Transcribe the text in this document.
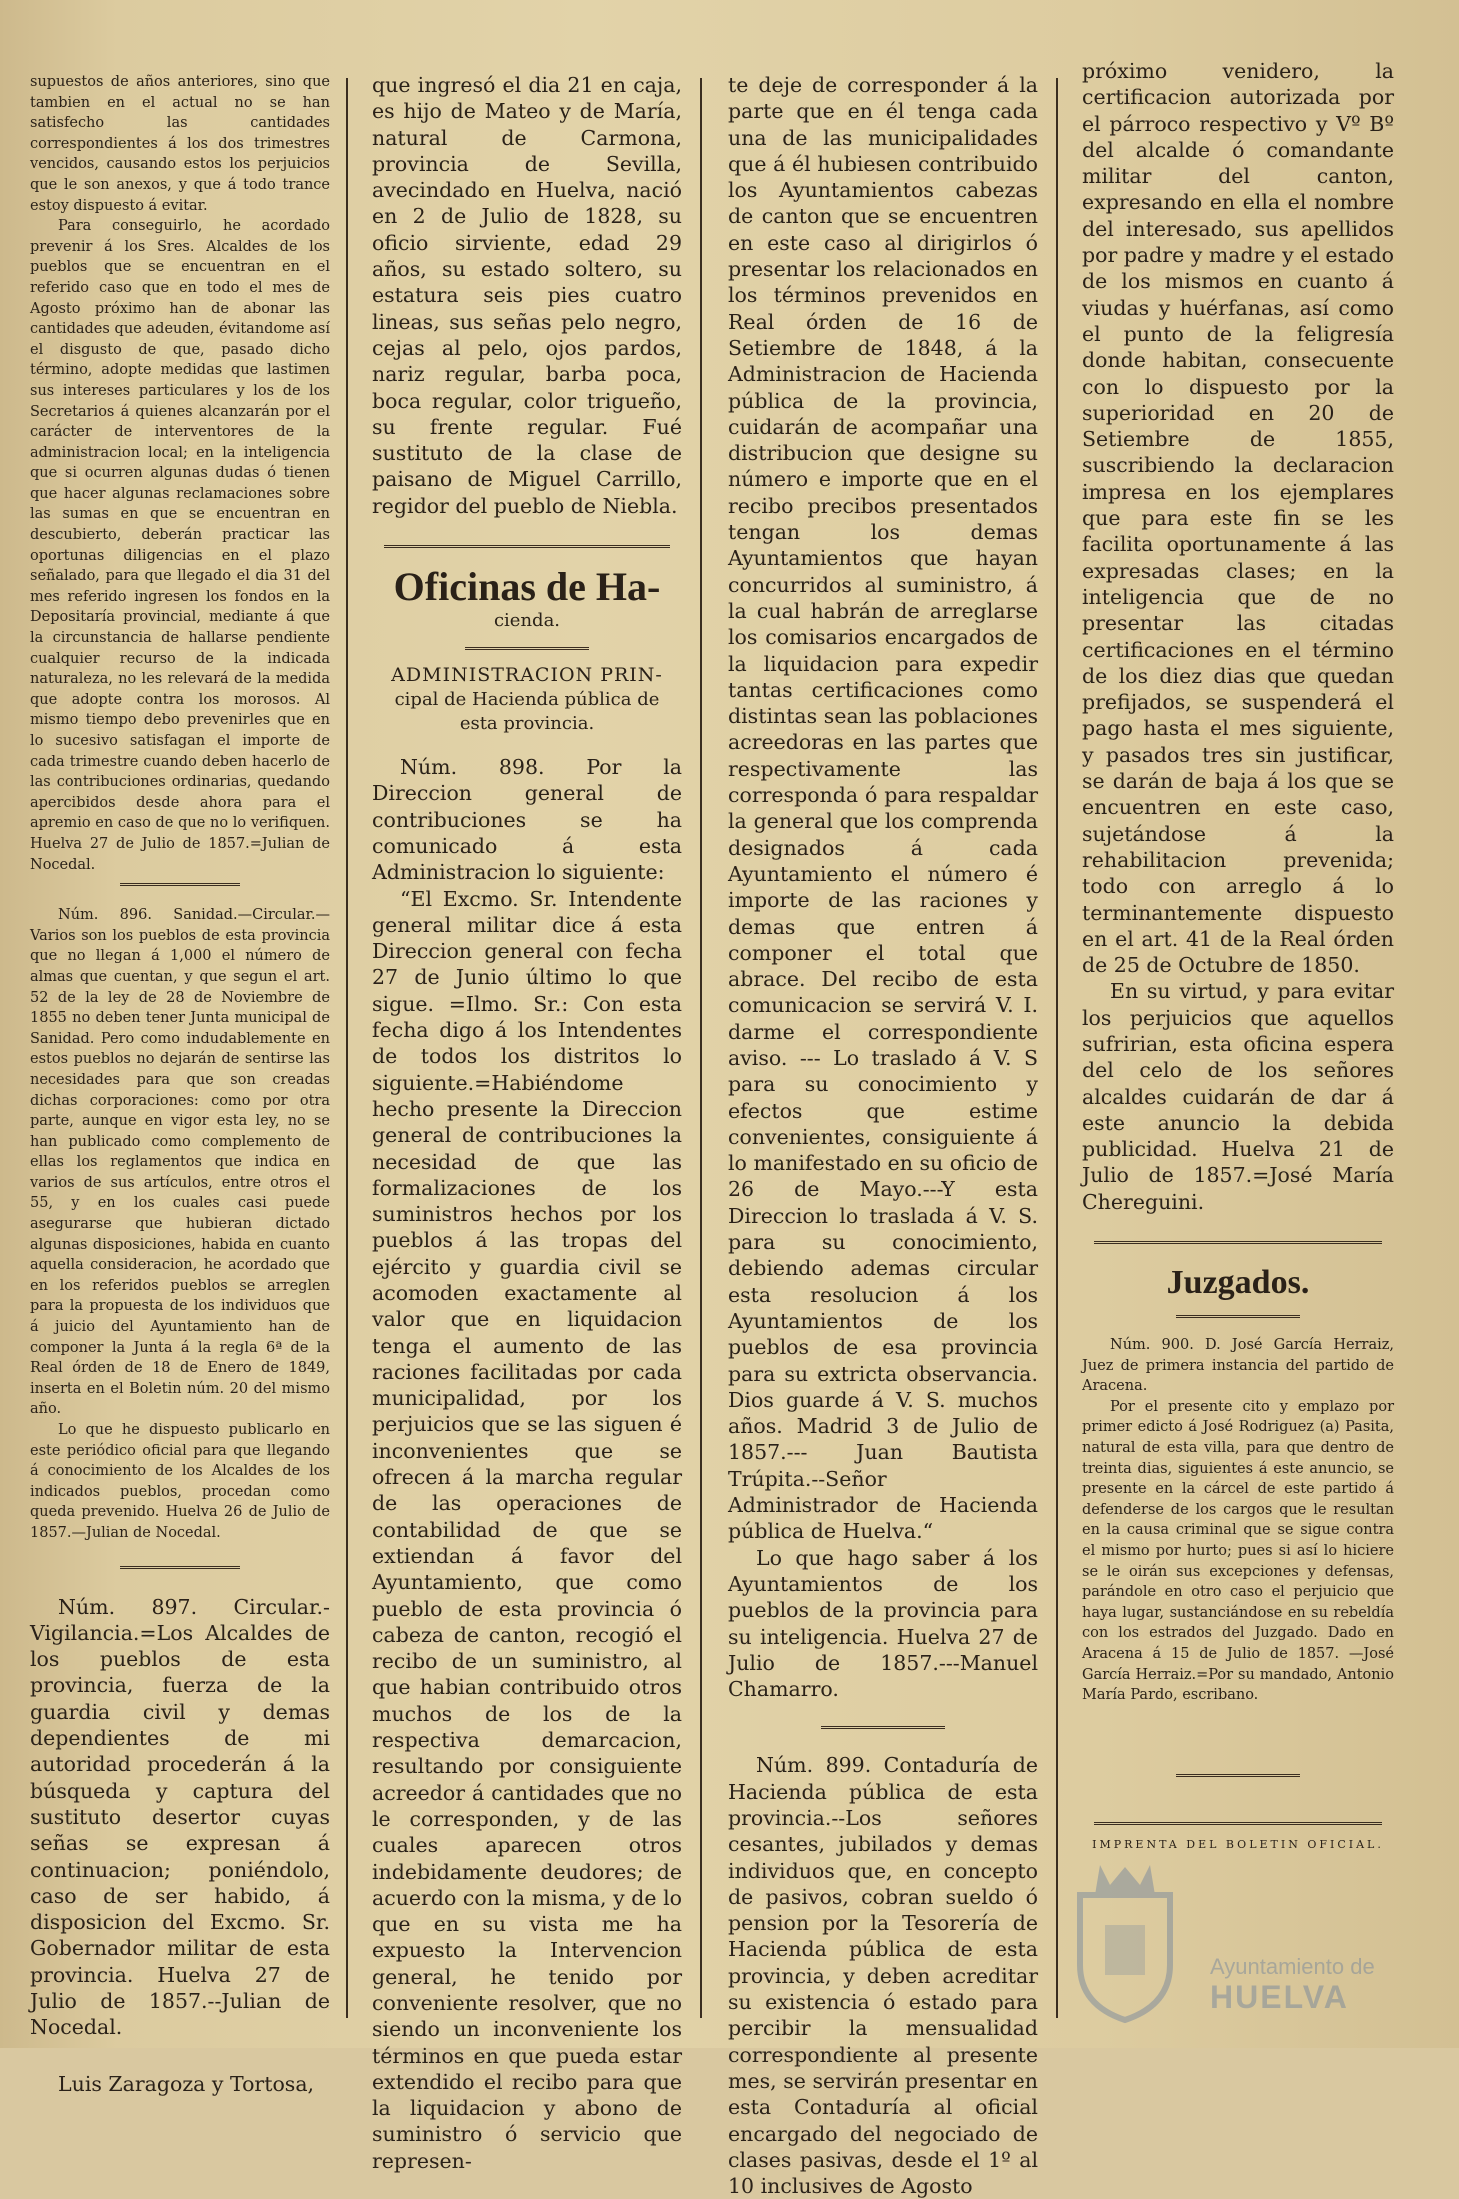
supuestos de años anteriores, sino que tambien en el actual no se han satisfecho las cantidades correspondientes á los dos trimestres vencidos, causando estos los perjuicios que le son anexos, y que á todo trance estoy dispuesto á evitar.

Para conseguirlo, he acordado prevenir á los Sres. Alcaldes de los pueblos que se encuentran en el referido caso que en todo el mes de Agosto próximo han de abonar las cantidades que adeuden, évitandome así el disgusto de que, pasado dicho término, adopte medidas que lastimen sus intereses particulares y los de los Secretarios á quienes alcanzarán por el carácter de interventores de la administracion local; en la inteligencia que si ocurren algunas dudas ó tienen que hacer algunas reclamaciones sobre las sumas en que se encuentran en descubierto, deberán practicar las oportunas diligencias en el plazo señalado, para que llegado el dia 31 del mes referido ingresen los fondos en la Depositaría provincial, mediante á que la circunstancia de hallarse pendiente cualquier recurso de la indicada naturaleza, no les relevará de la medida que adopte contra los morosos. Al mismo tiempo debo prevenirles que en lo sucesivo satisfagan el importe de cada trimestre cuando deben hacerlo de las contribuciones ordinarias, quedando apercibidos desde ahora para el apremio en caso de que no lo verifiquen. Huelva 27 de Julio de 1857.=Julian de Nocedal.

Núm. 896. Sanidad.—Circular.— Varios son los pueblos de esta provincia que no llegan á 1,000 el número de almas que cuentan, y que segun el art. 52 de la ley de 28 de Noviembre de 1855 no deben tener Junta municipal de Sanidad. Pero como indudablemente en estos pueblos no dejarán de sentirse las necesidades para que son creadas dichas corporaciones: como por otra parte, aunque en vigor esta ley, no se han publicado como complemento de ellas los reglamentos que indica en varios de sus artículos, entre otros el 55, y en los cuales casi puede asegurarse que hubieran dictado algunas disposiciones, habida en cuanto aquella consideracion, he acordado que en los referidos pueblos se arreglen para la propuesta de los individuos que á juicio del Ayuntamiento han de componer la Junta á la regla 6ª de la Real órden de 18 de Enero de 1849, inserta en el Boletin núm. 20 del mismo año.

Lo que he dispuesto publicarlo en este periódico oficial para que llegando á conocimiento de los Alcaldes de los indicados pueblos, procedan como queda prevenido. Huelva 26 de Julio de 1857.—Julian de Nocedal.

Núm. 897. Circular.-Vigilancia.=Los Alcaldes de los pueblos de esta provincia, fuerza de la guardia civil y demas dependientes de mi autoridad procederán á la búsqueda y captura del sustituto desertor cuyas señas se expresan á continuacion; poniéndolo, caso de ser habido, á disposicion del Excmo. Sr. Gobernador militar de esta provincia. Huelva 27 de Julio de 1857.--Julian de Nocedal.

Luis Zaragoza y Tortosa,

que ingresó el dia 21 en caja, es hijo de Mateo y de María, natural de Carmona, provincia de Sevilla, avecindado en Huelva, nació en 2 de Julio de 1828, su oficio sirviente, edad 29 años, su estado soltero, su estatura seis pies cuatro lineas, sus señas pelo negro, cejas al pelo, ojos pardos, nariz regular, barba poca, boca regular, color trigueño, su frente regular. Fué sustituto de la clase de paisano de Miguel Carrillo, regidor del pueblo de Niebla.

Oficinas de Ha-
cienda.
ADMINISTRACION PRIN-
cipal de Hacienda pública de esta provincia.

Núm. 898. Por la Direccion general de contribuciones se ha comunicado á esta Administracion lo siguiente:

“El Excmo. Sr. Intendente general militar dice á esta Direccion general con fecha 27 de Junio último lo que sigue. =Ilmo. Sr.: Con esta fecha digo á los Intendentes de todos los distritos lo siguiente.=Habiéndome hecho presente la Direccion general de contribuciones la necesidad de que las formalizaciones de los suministros hechos por los pueblos á las tropas del ejército y guardia civil se acomoden exactamente al valor que en liquidacion tenga el aumento de las raciones facilitadas por cada municipalidad, por los perjuicios que se las siguen é inconvenientes que se ofrecen á la marcha regular de las operaciones de contabilidad de que se extiendan á favor del Ayuntamiento, que como pueblo de esta provincia ó cabeza de canton, recogió el recibo de un suministro, al que habian contribuido otros muchos de los de la respectiva demarcacion, resultando por consiguiente acreedor á cantidades que no le corresponden, y de las cuales aparecen otros indebidamente deudores; de acuerdo con la misma, y de lo que en su vista me ha expuesto la Intervencion general, he tenido por conveniente resolver, que no siendo un inconveniente los términos en que pueda estar extendido el recibo para que la liquidacion y abono de suministro ó servicio que represen-

te deje de corresponder á la parte que en él tenga cada una de las municipalidades que á él hubiesen contribuido los Ayuntamientos cabezas de canton que se encuentren en este caso al dirigirlos ó presentar los relacionados en los términos prevenidos en Real órden de 16 de Setiembre de 1848, á la Administracion de Hacienda pública de la provincia, cuidarán de acompañar una distribucion que designe su número e importe que en el recibo precibos presentados tengan los demas Ayuntamientos que hayan concurridos al suministro, á la cual habrán de arreglarse los comisarios encargados de la liquidacion para expedir tantas certificaciones como distintas sean las poblaciones acreedoras en las partes que respectivamente las corresponda ó para respaldar la general que los comprenda designados á cada Ayuntamiento el número é importe de las raciones y demas que entren á componer el total que abrace. Del recibo de esta comunicacion se servirá V. I. darme el correspondiente aviso. --- Lo traslado á V. S para su conocimiento y efectos que estime convenientes, consiguiente á lo manifestado en su oficio de 26 de Mayo.---Y esta Direccion lo traslada á V. S. para su conocimiento, debiendo ademas circular esta resolucion á los Ayuntamientos de los pueblos de esa provincia para su extricta observancia. Dios guarde á V. S. muchos años. Madrid 3 de Julio de 1857.--- Juan Bautista Trúpita.--Señor Administrador de Hacienda pública de Huelva.“

Lo que hago saber á los Ayuntamientos de los pueblos de la provincia para su inteligencia. Huelva 27 de Julio de 1857.---Manuel Chamarro.

Núm. 899. Contaduría de Hacienda pública de esta provincia.--Los señores cesantes, jubilados y demas individuos que, en concepto de pasivos, cobran sueldo ó pension por la Tesorería de Hacienda pública de esta provincia, y deben acreditar su existencia ó estado para percibir la mensualidad correspondiente al presente mes, se servirán presentar en esta Contaduría al oficial encargado del negociado de clases pasivas, desde el 1º al 10 inclusives de Agosto

próximo venidero, la certificacion autorizada por el párroco respectivo y Vº Bº del alcalde ó comandante militar del canton, expresando en ella el nombre del interesado, sus apellidos por padre y madre y el estado de los mismos en cuanto á viudas y huérfanas, así como el punto de la feligresía donde habitan, consecuente con lo dispuesto por la superioridad en 20 de Setiembre de 1855, suscribiendo la declaracion impresa en los ejemplares que para este fin se les facilita oportunamente á las expresadas clases; en la inteligencia que de no presentar las citadas certificaciones en el término de los diez dias que quedan prefijados, se suspenderá el pago hasta el mes siguiente, y pasados tres sin justificar, se darán de baja á los que se encuentren en este caso, sujetándose á la rehabilitacion prevenida; todo con arreglo á lo terminantemente dispuesto en el art. 41 de la Real órden de 25 de Octubre de 1850.

En su virtud, y para evitar los perjuicios que aquellos sufririan, esta oficina espera del celo de los señores alcaldes cuidarán de dar á este anuncio la debida publicidad. Huelva 21 de Julio de 1857.=José María Chereguini.

Juzgados.

Núm. 900. D. José García Herraiz, Juez de primera instancia del partido de Aracena.

Por el presente cito y emplazo por primer edicto á José Rodriguez (a) Pasita, natural de esta villa, para que dentro de treinta dias, siguientes á este anuncio, se presente en la cárcel de este partido á defenderse de los cargos que le resultan en la causa criminal que se sigue contra el mismo por hurto; pues si así lo hiciere se le oirán sus excepciones y defensas, parándole en otro caso el perjuicio que haya lugar, sustanciándose en su rebeldía con los estrados del Juzgado. Dado en Aracena á 15 de Julio de 1857. —José García Herraiz.=Por su mandado, Antonio María Pardo, escribano.

IMPRENTA DEL BOLETIN OFICIAL.
Ayuntamiento de
HUELVA
